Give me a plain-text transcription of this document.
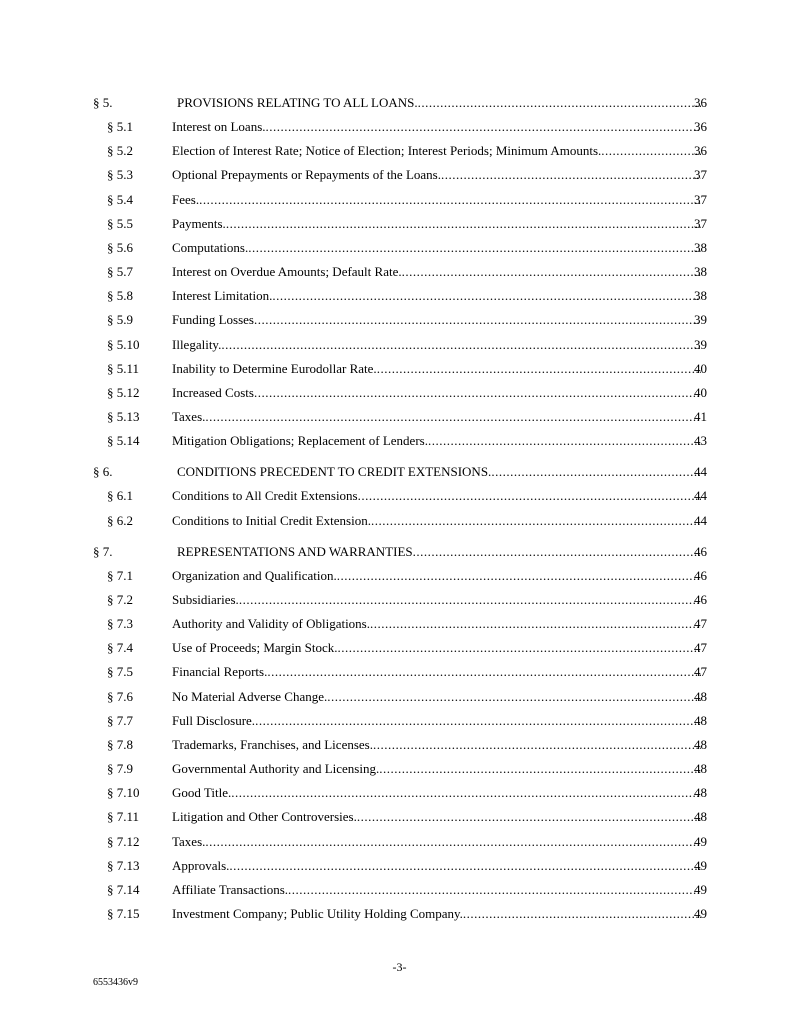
§ 5.	PROVISIONS RELATING TO ALL LOANS. .....	36
§ 5.1	Interest on Loans. .....	36
§ 5.2	Election of Interest Rate; Notice of Election; Interest Periods; Minimum Amounts. .....	36
§ 5.3	Optional Prepayments or Repayments of the Loans. .....	37
§ 5.4	Fees. .....	37
§ 5.5	Payments. .....	37
§ 5.6	Computations. .....	38
§ 5.7	Interest on Overdue Amounts; Default Rate. .....	38
§ 5.8	Interest Limitation. .....	38
§ 5.9	Funding Losses .....	39
§ 5.10	Illegality. .....	39
§ 5.11	Inability to Determine Eurodollar Rate. .....	40
§ 5.12	Increased Costs .....	40
§ 5.13	Taxes. .....	41
§ 5.14	Mitigation Obligations; Replacement of Lenders. .....	43
§ 6.	CONDITIONS PRECEDENT TO CREDIT EXTENSIONS. .....	44
§ 6.1	Conditions to All Credit Extensions .....	44
§ 6.2	Conditions to Initial Credit Extension. .....	44
§ 7.	REPRESENTATIONS AND WARRANTIES .....	46
§ 7.1	Organization and Qualification. .....	46
§ 7.2	Subsidiaries. .....	46
§ 7.3	Authority and Validity of Obligations. .....	47
§ 7.4	Use of Proceeds; Margin Stock. .....	47
§ 7.5	Financial Reports. .....	47
§ 7.6	No Material Adverse Change. .....	48
§ 7.7	Full Disclosure. .....	48
§ 7.8	Trademarks, Franchises, and Licenses. .....	48
§ 7.9	Governmental Authority and Licensing. .....	48
§ 7.10	Good Title. .....	48
§ 7.11	Litigation and Other Controversies. .....	48
§ 7.12	Taxes. .....	49
§ 7.13	Approvals. .....	49
§ 7.14	Affiliate Transactions. .....	49
§ 7.15	Investment Company; Public Utility Holding Company. .....	49
-3-
6553436v9
